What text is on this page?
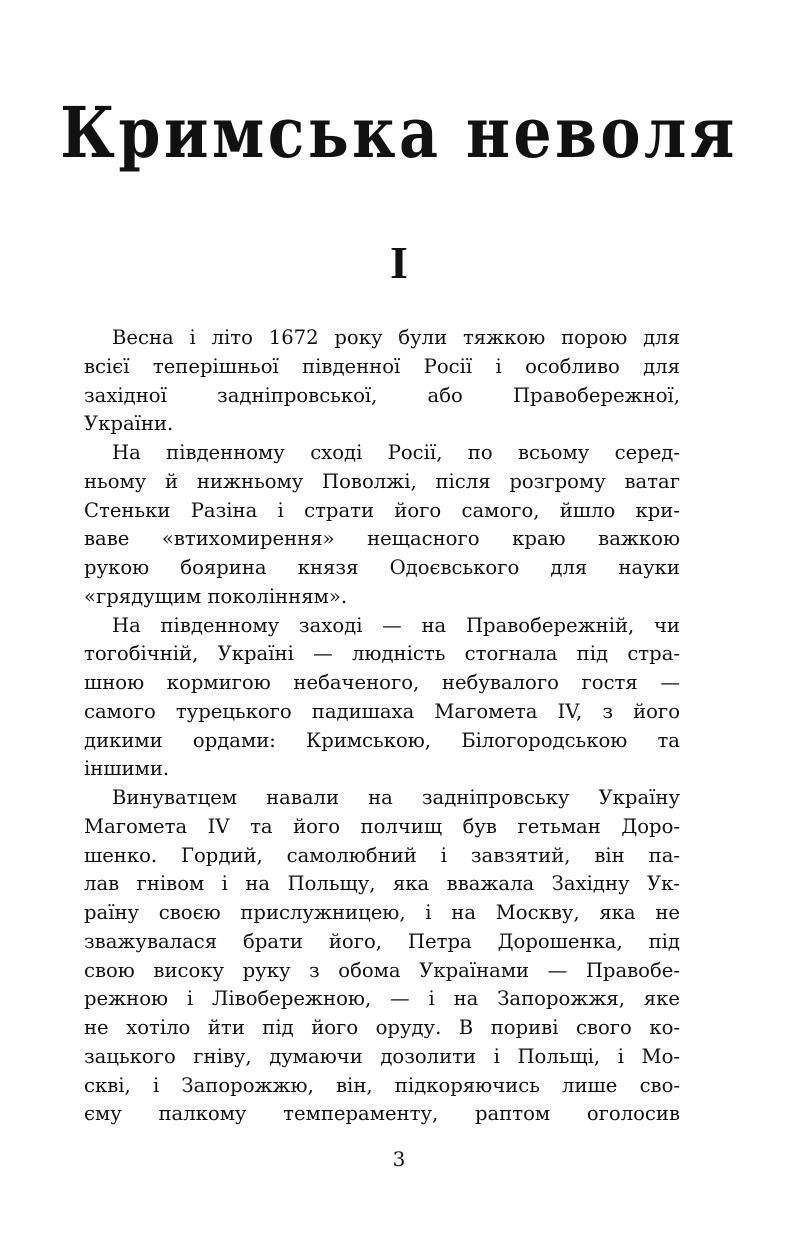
Кримська неволя
I
Весна і літо 1672 року були тяжкою порою для
всієї теперішньої південної Росії і особливо для
західної задніпровської, або Правобережної,
України.
На південному сході Росії, по всьому серед-
ньому й нижньому Поволжі, після розгрому ватаг
Стеньки Разіна і страти його самого, йшло кри-
ваве «втихомирення» нещасного краю важкою
рукою боярина князя Одоєвського для науки
«грядущим поколінням».
На південному заході — на Правобережній, чи
тогобічній, Україні — людність стогнала під стра-
шною кормигою небаченого, небувалого гостя —
самого турецького падишаха Магомета IV, з його
дикими ордами: Кримською, Білогородською та
іншими.
Винуватцем навали на задніпровську Україну
Магомета IV та його полчищ був гетьман Доро-
шенко. Гордий, самолюбний і завзятий, він па-
лав гнівом і на Польщу, яка вважала Західну Ук-
раїну своєю прислужницею, і на Москву, яка не
зважувалася брати його, Петра Дорошенка, під
свою високу руку з обома Українами — Правобе-
режною і Лівобережною, — і на Запорожжя, яке
не хотіло йти під його оруду. В пориві свого ко-
зацького гніву, думаючи дозолити і Польщі, і Мо-
скві, і Запорожжю, він, підкоряючись лише сво-
єму палкому темпераменту, раптом оголосив
3
